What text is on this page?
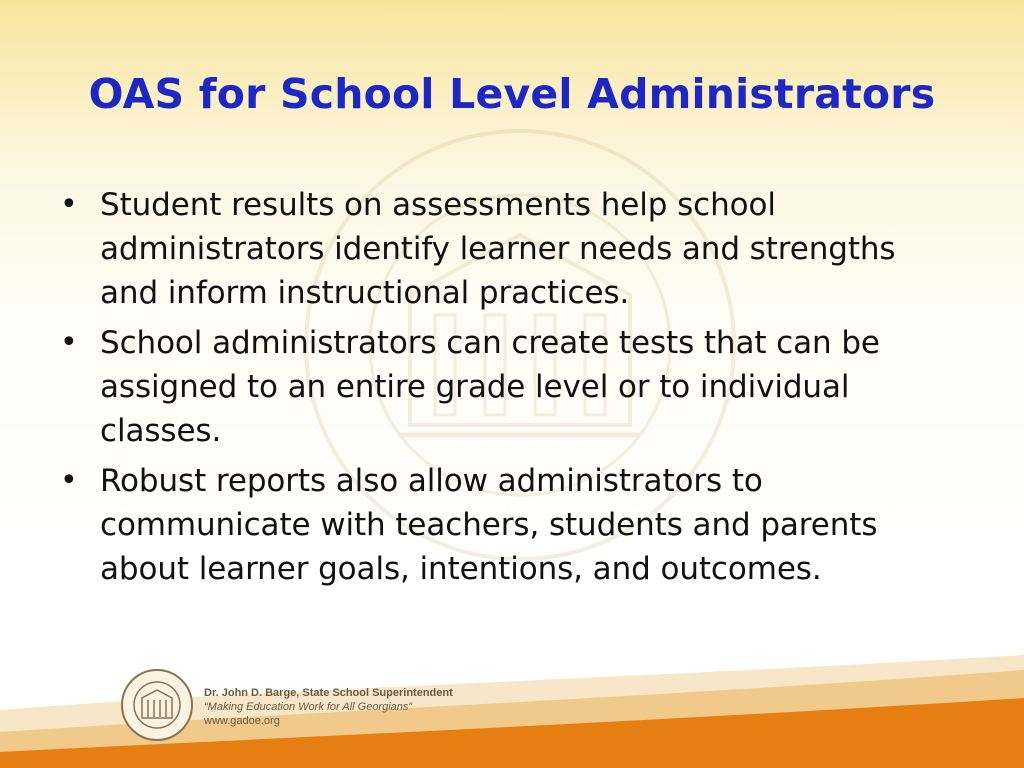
OAS for School Level Administrators
• Student results on assessments help school administrators identify learner needs and strengths and inform instructional practices.
• School administrators can create tests that can be assigned to an entire grade level or to individual classes.
• Robust reports also allow administrators to communicate with teachers, students and parents about learner goals, intentions, and outcomes.
Dr. John D. Barge, State School Superintendent
“Making Education Work for All Georgians”
www.gadoe.org
